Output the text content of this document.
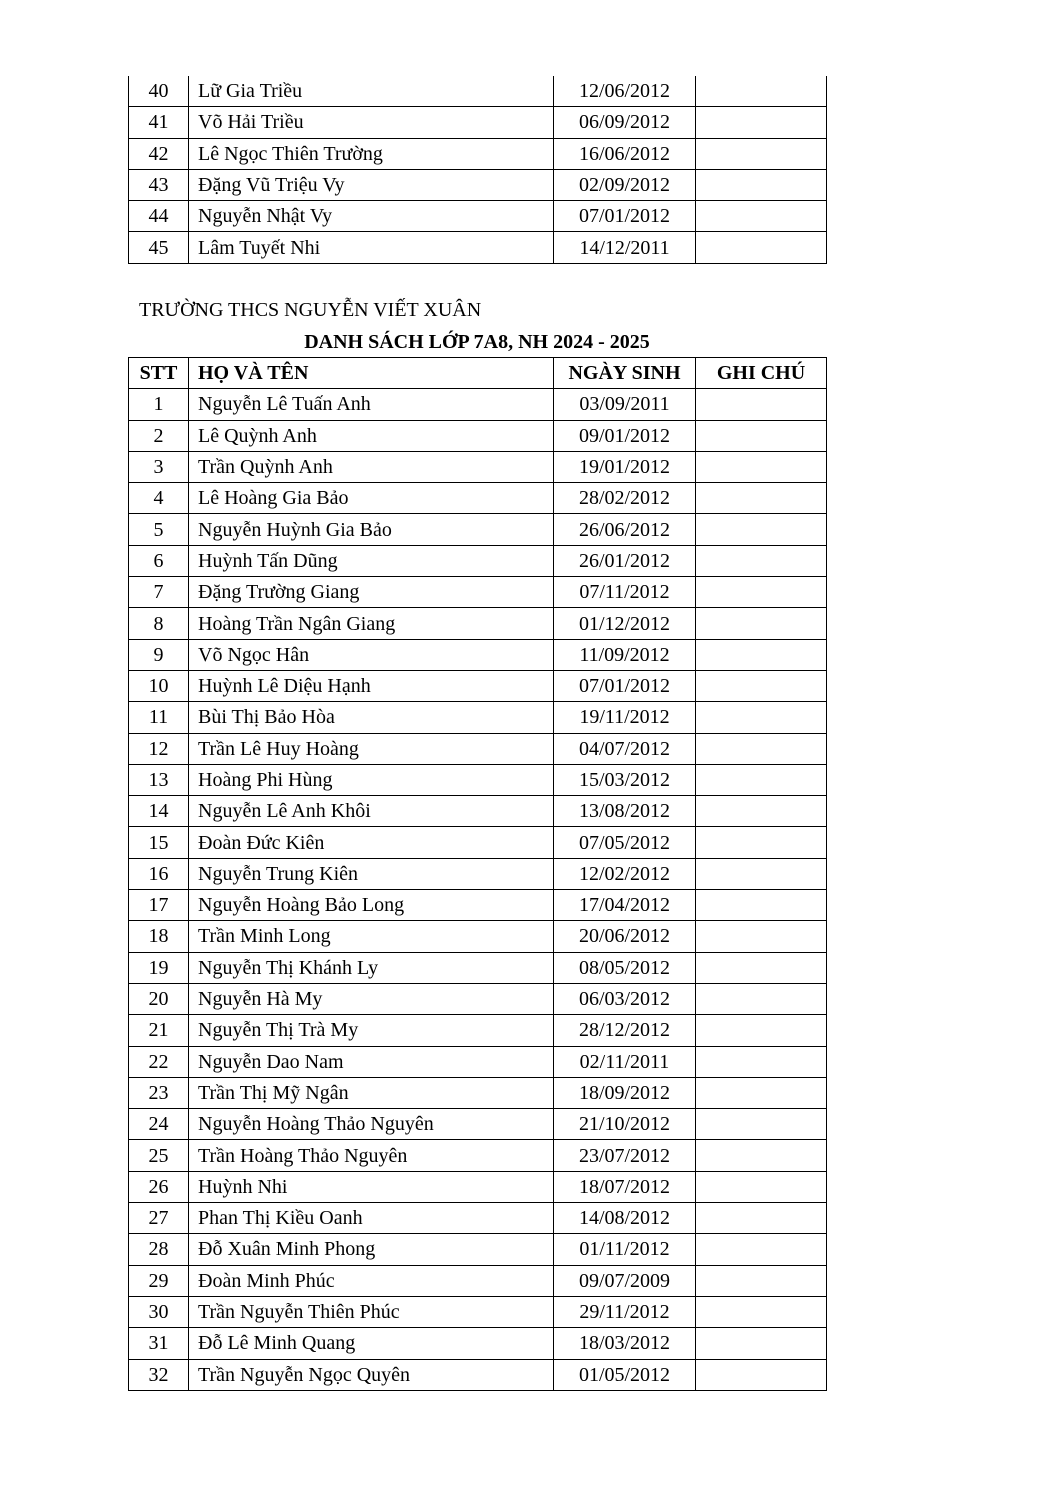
40	Lữ Gia Triều	12/06/2012	
41	Võ Hải Triều	06/09/2012	
42	Lê Ngọc Thiên Trường	16/06/2012	
43	Đặng Vũ Triệu Vy	02/09/2012	
44	Nguyễn Nhật Vy	07/01/2012	
45	Lâm Tuyết Nhi	14/12/2011	
TRƯỜNG THCS NGUYỄN VIẾT XUÂN
DANH SÁCH LỚP 7A8, NH 2024 - 2025
STT	HỌ VÀ TÊN	NGÀY SINH	GHI CHÚ
1	Nguyễn Lê Tuấn Anh	03/09/2011	
2	Lê Quỳnh Anh	09/01/2012	
3	Trần Quỳnh Anh	19/01/2012	
4	Lê Hoàng Gia Bảo	28/02/2012	
5	Nguyễn Huỳnh Gia Bảo	26/06/2012	
6	Huỳnh Tấn Dũng	26/01/2012	
7	Đặng Trường Giang	07/11/2012	
8	Hoàng Trần Ngân Giang	01/12/2012	
9	Võ Ngọc Hân	11/09/2012	
10	Huỳnh Lê Diệu Hạnh	07/01/2012	
11	Bùi Thị Bảo Hòa	19/11/2012	
12	Trần Lê Huy Hoàng	04/07/2012	
13	Hoàng Phi Hùng	15/03/2012	
14	Nguyễn Lê Anh Khôi	13/08/2012	
15	Đoàn Đức Kiên	07/05/2012	
16	Nguyễn Trung Kiên	12/02/2012	
17	Nguyễn Hoàng Bảo Long	17/04/2012	
18	Trần Minh Long	20/06/2012	
19	Nguyễn Thị Khánh Ly	08/05/2012	
20	Nguyễn Hà My	06/03/2012	
21	Nguyễn Thị Trà My	28/12/2012	
22	Nguyễn Dao Nam	02/11/2011	
23	Trần Thị Mỹ Ngân	18/09/2012	
24	Nguyễn Hoàng Thảo Nguyên	21/10/2012	
25	Trần Hoàng Thảo Nguyên	23/07/2012	
26	Huỳnh Nhi	18/07/2012	
27	Phan Thị Kiều Oanh	14/08/2012	
28	Đỗ Xuân Minh Phong	01/11/2012	
29	Đoàn Minh Phúc	09/07/2009	
30	Trần Nguyễn Thiên Phúc	29/11/2012	
31	Đỗ Lê Minh Quang	18/03/2012	
32	Trần Nguyễn Ngọc Quyên	01/05/2012	
